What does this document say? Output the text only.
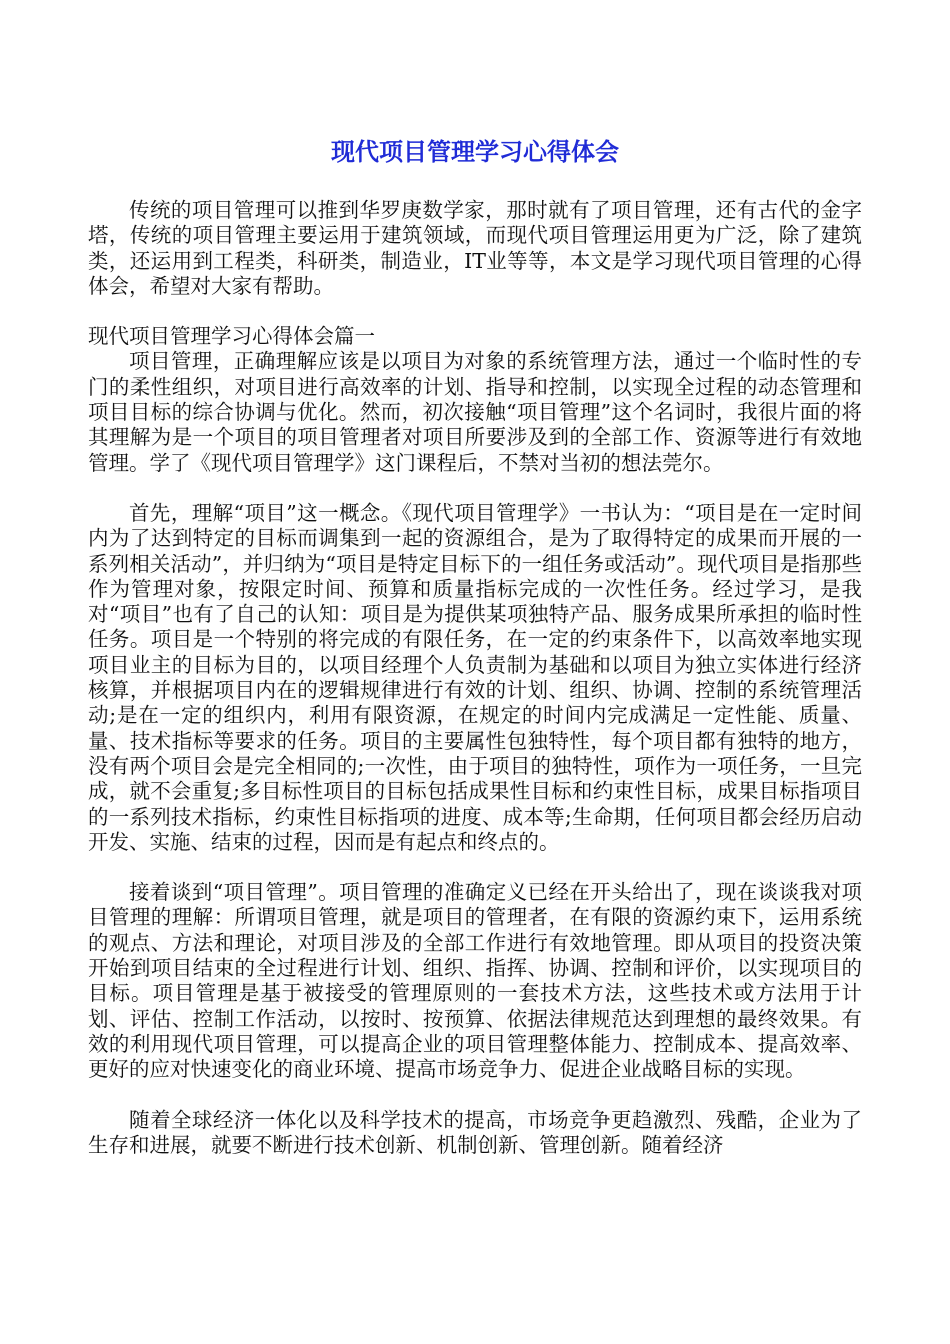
现代项目管理学习心得体会

传统的项目管理可以推到华罗庚数学家，那时就有了项目管理，还有古代的金字塔，传统的项目管理主要运用于建筑领域，而现代项目管理运用更为广泛，除了建筑类，还运用到工程类，科研类，制造业，IT业等等，本文是学习现代项目管理的心得体会，希望对大家有帮助。

现代项目管理学习心得体会篇一

项目管理，正确理解应该是以项目为对象的系统管理方法，通过一个临时性的专门的柔性组织，对项目进行高效率的计划、指导和控制，以实现全过程的动态管理和项目目标的综合协调与优化。然而，初次接触“项目管理”这个名词时，我很片面的将其理解为是一个项目的项目管理者对项目所要涉及到的全部工作、资源等进行有效地管理。学了《现代项目管理学》这门课程后，不禁对当初的想法莞尔。

首先，理解“项目”这一概念。《现代项目管理学》一书认为：“项目是在一定时间内为了达到特定的目标而调集到一起的资源组合，是为了取得特定的成果而开展的一系列相关活动”，并归纳为“项目是特定目标下的一组任务或活动”。现代项目是指那些作为管理对象，按限定时间、预算和质量指标完成的一次性任务。经过学习，是我对“项目”也有了自己的认知：项目是为提供某项独特产品、服务成果所承担的临时性任务。项目是一个特别的将完成的有限任务，在一定的约束条件下，以高效率地实现项目业主的目标为目的，以项目经理个人负责制为基础和以项目为独立实体进行经济核算，并根据项目内在的逻辑规律进行有效的计划、组织、协调、控制的系统管理活动;是在一定的组织内，利用有限资源，在规定的时间内完成满足一定性能、质量、量、技术指标等要求的任务。项目的主要属性包独特性，每个项目都有独特的地方，没有两个项目会是完全相同的;一次性，由于项目的独特性，项作为一项任务，一旦完成，就不会重复;多目标性项目的目标包括成果性目标和约束性目标，成果目标指项目的一系列技术指标，约束性目标指项的进度、成本等;生命期，任何项目都会经历启动开发、实施、结束的过程，因而是有起点和终点的。

接着谈到“项目管理”。项目管理的准确定义已经在开头给出了，现在谈谈我对项目管理的理解：所谓项目管理，就是项目的管理者，在有限的资源约束下，运用系统的观点、方法和理论，对项目涉及的全部工作进行有效地管理。即从项目的投资决策开始到项目结束的全过程进行计划、组织、指挥、协调、控制和评价，以实现项目的目标。项目管理是基于被接受的管理原则的一套技术方法，这些技术或方法用于计划、评估、控制工作活动，以按时、按预算、依据法律规范达到理想的最终效果。有效的利用现代项目管理，可以提高企业的项目管理整体能力、控制成本、提高效率、更好的应对快速变化的商业环境、提高市场竞争力、促进企业战略目标的实现。

随着全球经济一体化以及科学技术的提高，市场竞争更趋激烈、残酷，企业为了生存和进展，就要不断进行技术创新、机制创新、管理创新。随着经济
